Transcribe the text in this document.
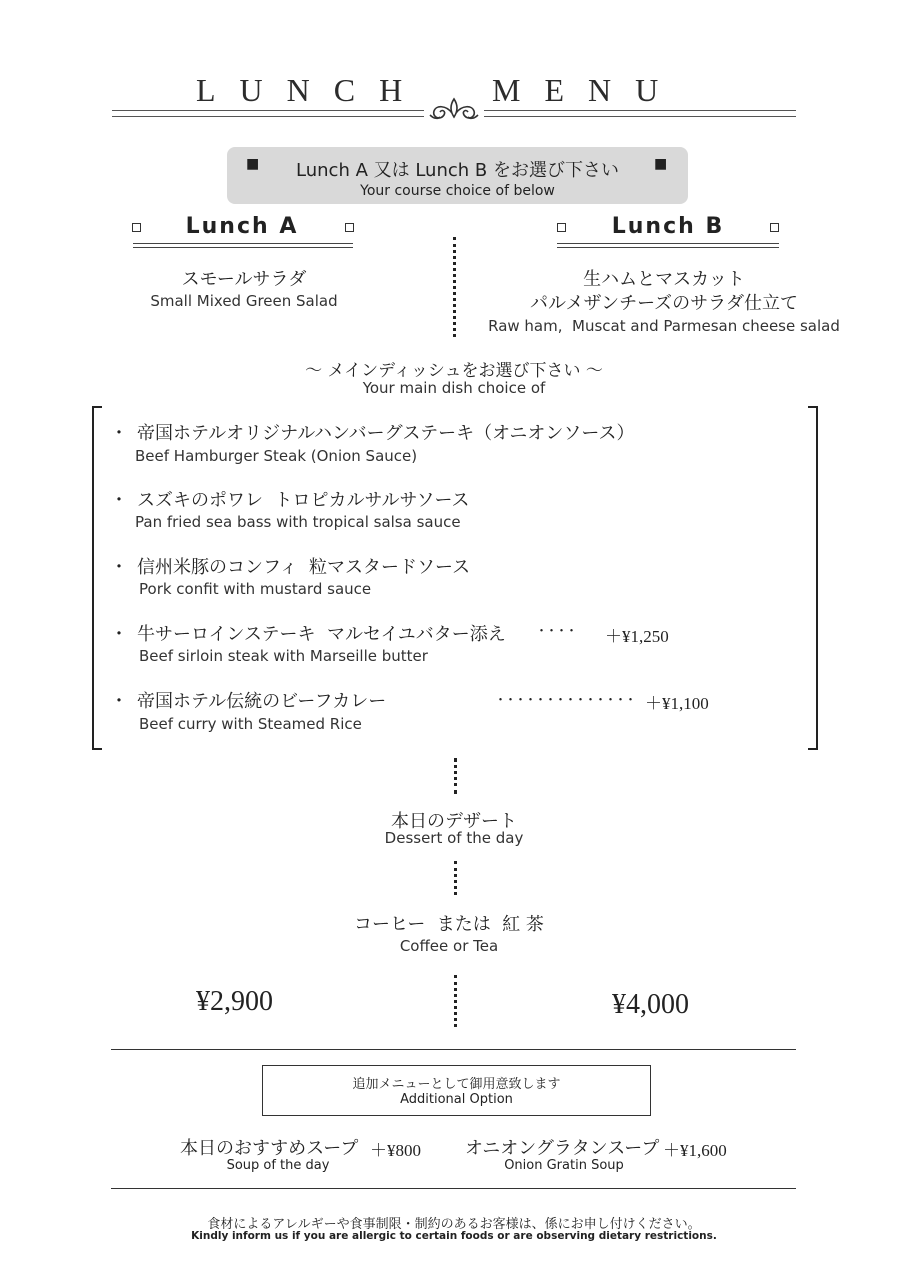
LUNCH MENU
■	■
Lunch A 又は Lunch B をお選び下さい
Your course choice of below
Lunch A	Lunch B
スモールサラダ
Small Mixed Green Salad
生ハムとマスカット
パルメザンチーズのサラダ仕立て
Raw ham,  Muscat and Parmesan cheese salad
～ メインディッシュをお選び下さい ～
Your main dish choice of
・ 帝国ホテルオリジナルハンバーグステーキ（オニオンソース）
Beef Hamburger Steak (Onion Sauce)
・ スズキのポワレ  トロピカルサルサソース
Pan fried sea bass with tropical salsa sauce
・ 信州米豚のコンフィ  粒マスタードソース
Pork confit with mustard sauce
・ 牛サーロインステーキ  マルセイユバター添え ・・・・ ＋¥1,250
Beef sirloin steak with Marseille butter
・ 帝国ホテル伝統のビーフカレー	・・・・・・・・・・・・・・ ＋¥1,100
Beef curry with Steamed Rice
本日のデザート
Dessert of the day
コーヒー  または  紅 茶
Coffee or Tea
¥2,900	¥4,000
追加メニューとして御用意致します
Additional Option
本日のおすすめスープ ＋¥800
Soup of the day
オニオングラタンスープ ＋¥1,600
Onion Gratin Soup
食材によるアレルギーや食事制限・制約のあるお客様は、係にお申し付けください。
Kindly inform us if you are allergic to certain foods or are observing dietary restrictions.
